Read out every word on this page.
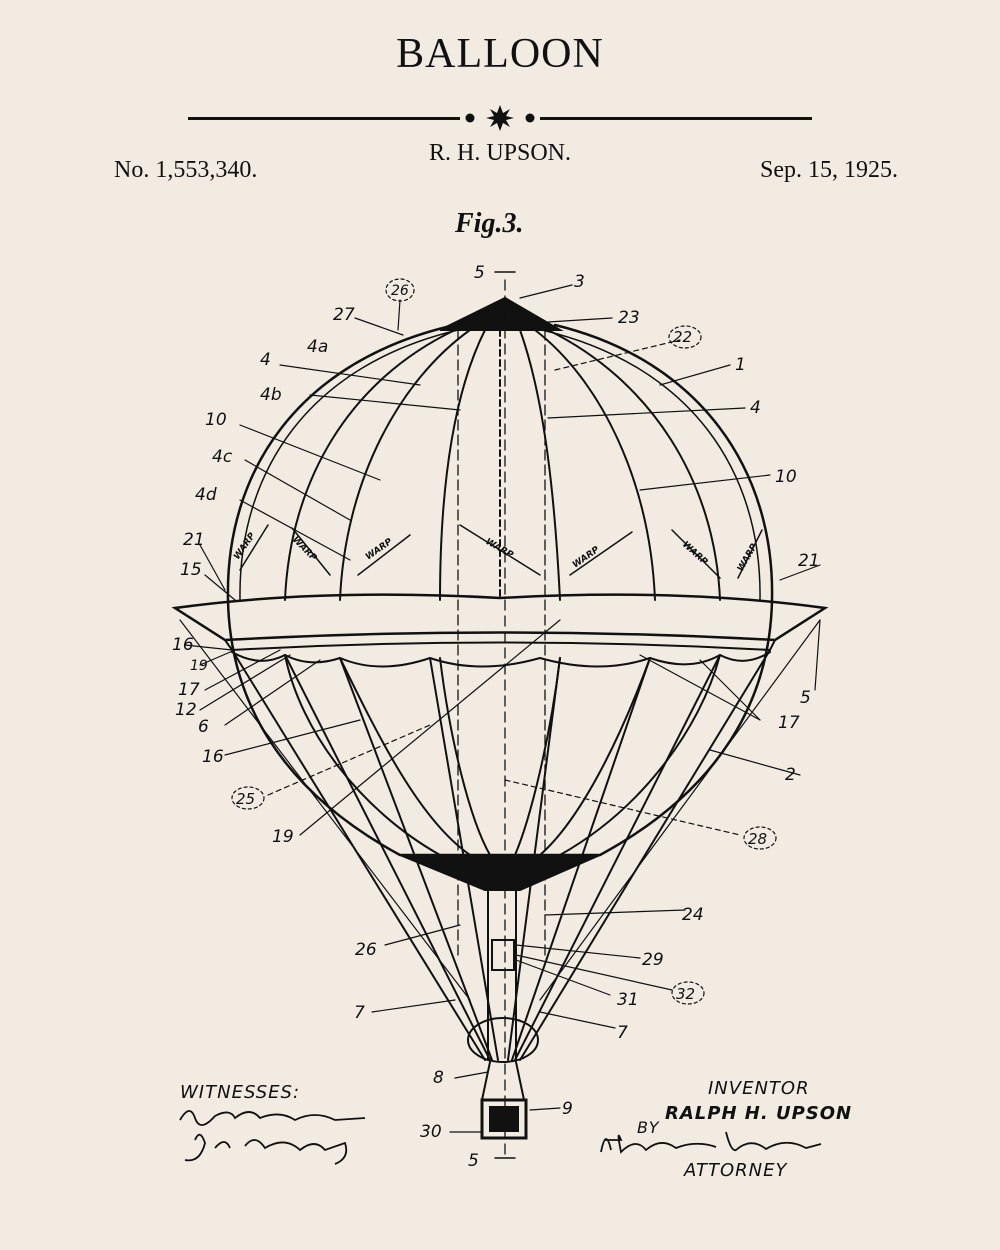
BALLOON
R. H. UPSON.
No. 1,553,340.	Sep. 15, 1925.
Fig.3.
5
5
3
23
26
27
22
1
4
4a
4b
4
10
10
4c
4d
21
21
15
16
19
17
12
6
5
17
16
2
25
28
19
24
26	29
32
31
7
7
8
9
30
WARP	WARP	WARP	WARP	WARP	WARP	WARP
WITNESSES:	INVENTOR
RALPH H. UPSON
BY
ATTORNEY
